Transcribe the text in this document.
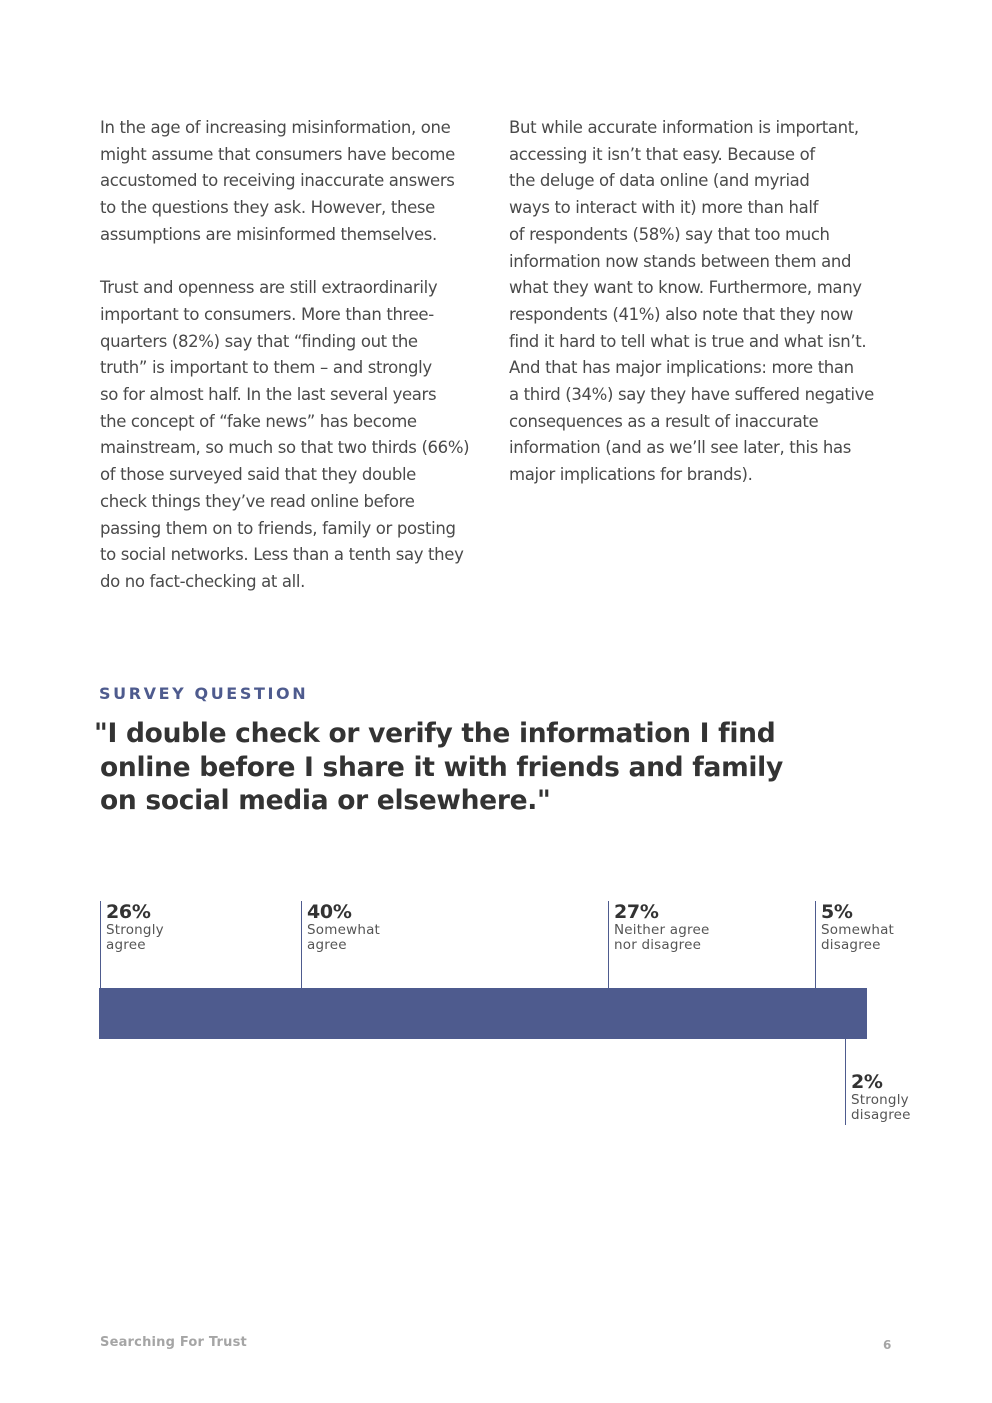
In the age of increasing misinformation, one
might assume that consumers have become
accustomed to receiving inaccurate answers
to the questions they ask. However, these
assumptions are misinformed themselves.

Trust and openness are still extraordinarily
important to consumers. More than three-
quarters (82%) say that “finding out the
truth” is important to them – and strongly
so for almost half. In the last several years
the concept of “fake news” has become
mainstream, so much so that two thirds (66%)
of those surveyed said that they double
check things they’ve read online before
passing them on to friends, family or posting
to social networks. Less than a tenth say they
do no fact-checking at all.

But while accurate information is important,
accessing it isn’t that easy. Because of
the deluge of data online (and myriad
ways to interact with it) more than half
of respondents (58%) say that too much
information now stands between them and
what they want to know. Furthermore, many
respondents (41%) also note that they now
find it hard to tell what is true and what isn’t.
And that has major implications: more than
a third (34%) say they have suffered negative
consequences as a result of inaccurate
information (and as we’ll see later, this has
major implications for brands).

SURVEY QUESTION
"I double check or verify the information I find
online before I share it with friends and family
on social media or elsewhere."
26%
Strongly
agree
40%
Somewhat
agree
27%
Neither agree
nor disagree
5%
Somewhat
disagree
2%
Strongly
disagree
Searching For Trust	6
